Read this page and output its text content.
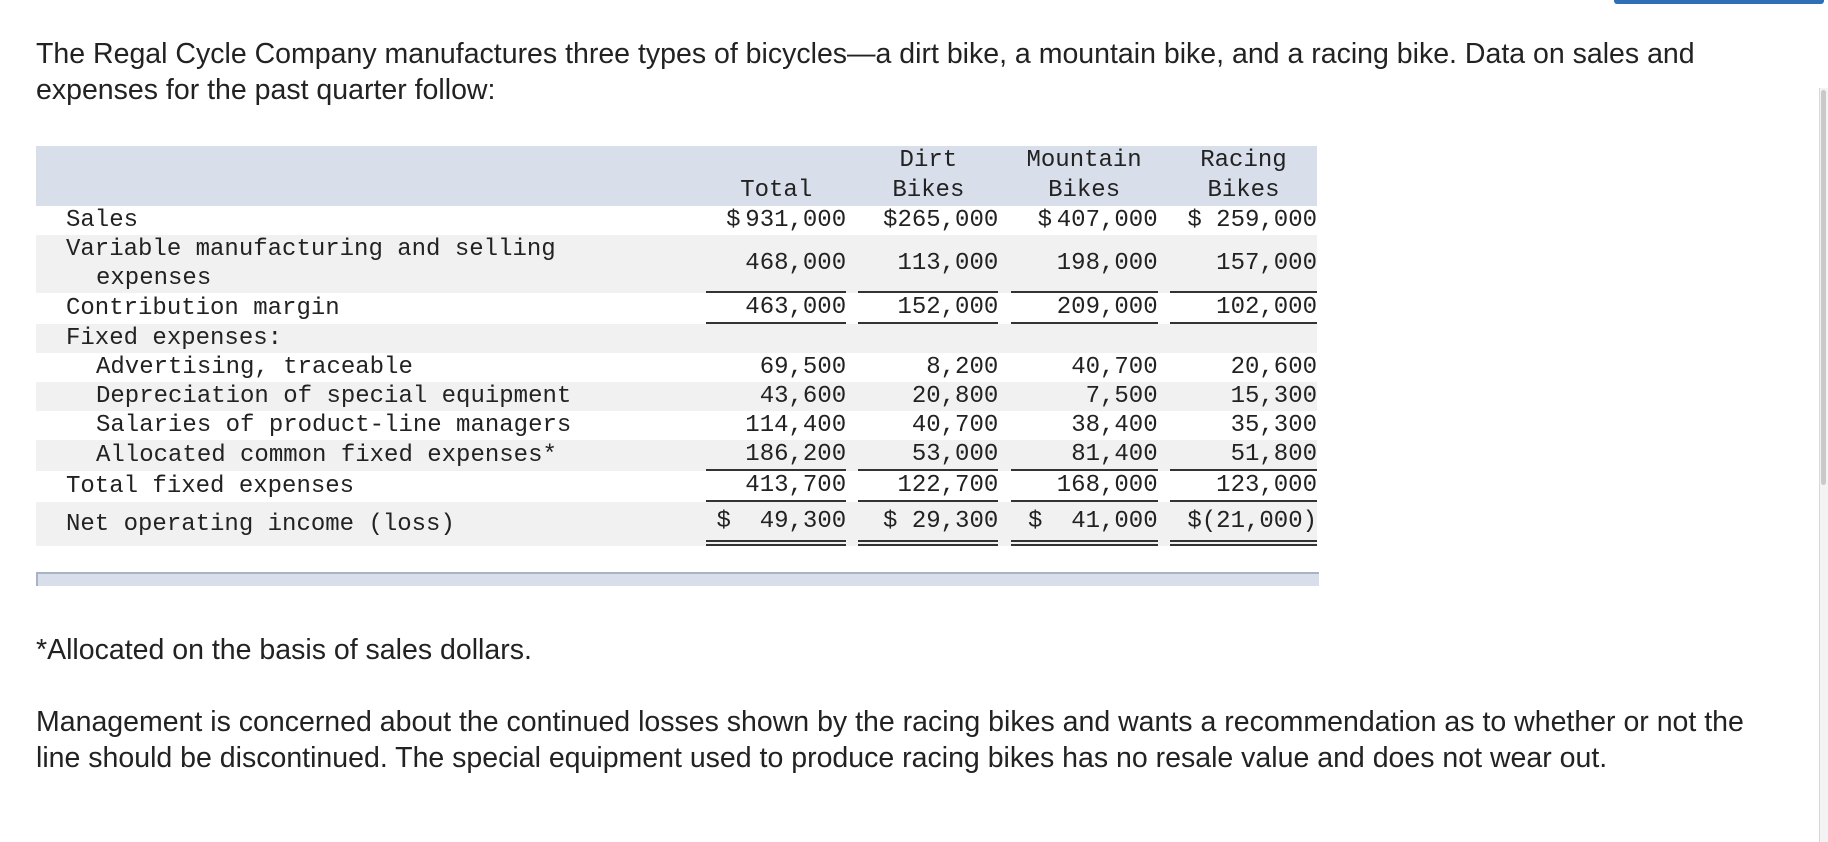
The Regal Cycle Company manufactures three types of bicycles—a dirt bike, a mountain bike, and a racing bike. Data on sales and expenses for the past quarter follow:

			Dirt		Mountain		Racing
	Total		Bikes		Bikes		Bikes
Sales	$ 931,000		$265,000		$ 407,000		$ 259,000
Variable manufacturing and selling
expenses	468,000		113,000		198,000		157,000
Contribution margin	463,000		152,000		209,000		102,000
Fixed expenses:							
Advertising, traceable	69,500		8,200		40,700		20,600
Depreciation of special equipment	43,600		20,800		7,500		15,300
Salaries of product-line managers	114,400		40,700		38,400		35,300
Allocated common fixed expenses*	186,200		53,000		81,400		51,800
Total fixed expenses	413,700		122,700		168,000		123,000
Net operating income (loss)	$  49,300		$ 29,300		$  41,000		$(21,000)

*Allocated on the basis of sales dollars.

Management is concerned about the continued losses shown by the racing bikes and wants a recommendation as to whether or not the line should be discontinued. The special equipment used to produce racing bikes has no resale value and does not wear out.
